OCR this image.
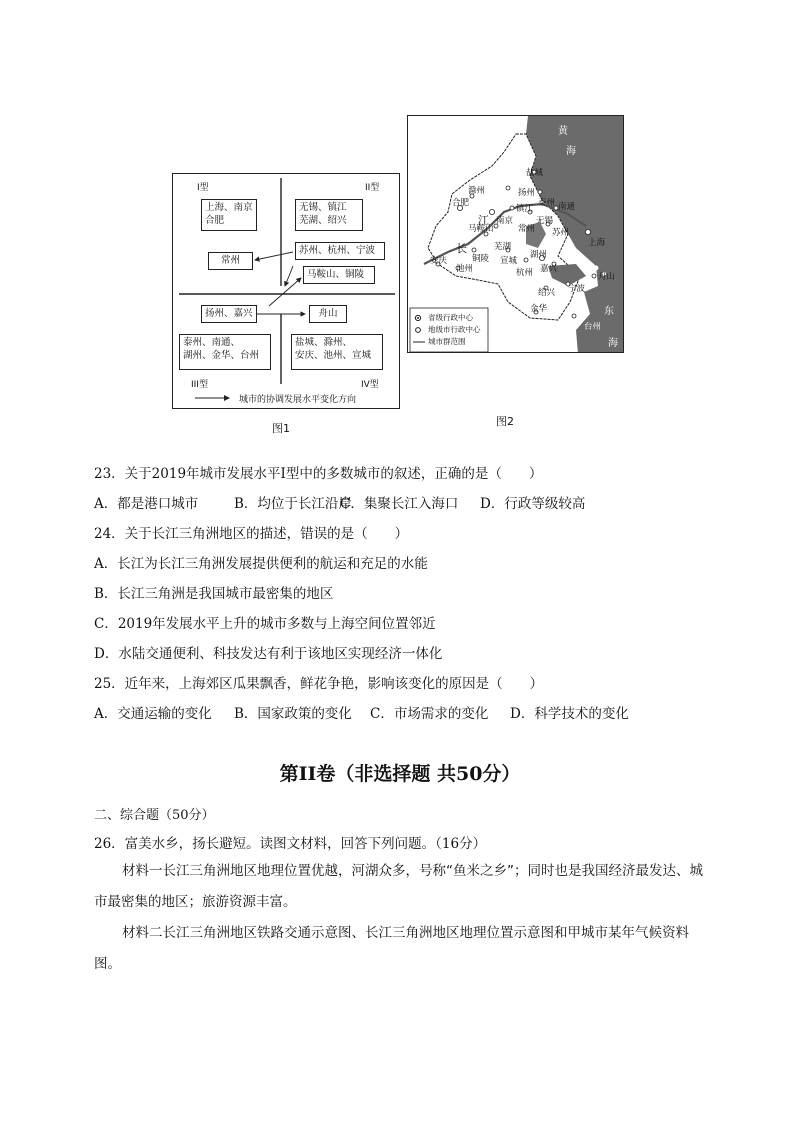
I型	II型
III型	IV型
上海、南京
合肥
无锡、镇江
芜湖、绍兴
常州
苏州、杭州、宁波
马鞍山、铜陵
扬州、嘉兴	舟山
泰州、南通、
湖州、金华、台州
盐城、滁州、
安庆、池州、宣城
城市的协调发展水平变化方向
图1
黄
海
东
海
长
江
盐城
扬州
泰州 南通
合肥
滁州
镇江
南京
常州
无锡
苏州
上海
马鞍山
芜湖
铜陵 宣城
湖州
安庆
池州	杭州 嘉兴
舟山
绍兴 宁波
金华
台州
省级行政中心
地级市行政中心
城市群范围
图2
23．关于2019年城市发展水平Ⅰ型中的多数城市的叙述，正确的是（　　）
A．都是港口城市	B．均位于长江沿岸C．集聚长江入海口 D．行政等级较高
24．关于长江三角洲地区的描述，错误的是（　　）
A．长江为长江三角洲发展提供便利的航运和充足的水能
B．长江三角洲是我国城市最密集的地区
C．2019年发展水平上升的城市多数与上海空间位置邻近
D．水陆交通便利、科技发达有利于该地区实现经济一体化
25．近年来，上海郊区瓜果飘香，鲜花争艳，影响该变化的原因是（　　）
A．交通运输的变化 B．国家政策的变化 C．市场需求的变化 D．科学技术的变化
第II卷（非选择题 共50分）
二、综合题（50分）
26．富美水乡，扬长避短。读图文材料，回答下列问题。（16分）
材料一长江三角洲地区地理位置优越，河湖众多，号称“鱼米之乡”；同时也是我国经济最发达、城市最密集的地区；旅游资源丰富。
材料二长江三角洲地区铁路交通示意图、长江三角洲地区地理位置示意图和甲城市某年气候资料图。
